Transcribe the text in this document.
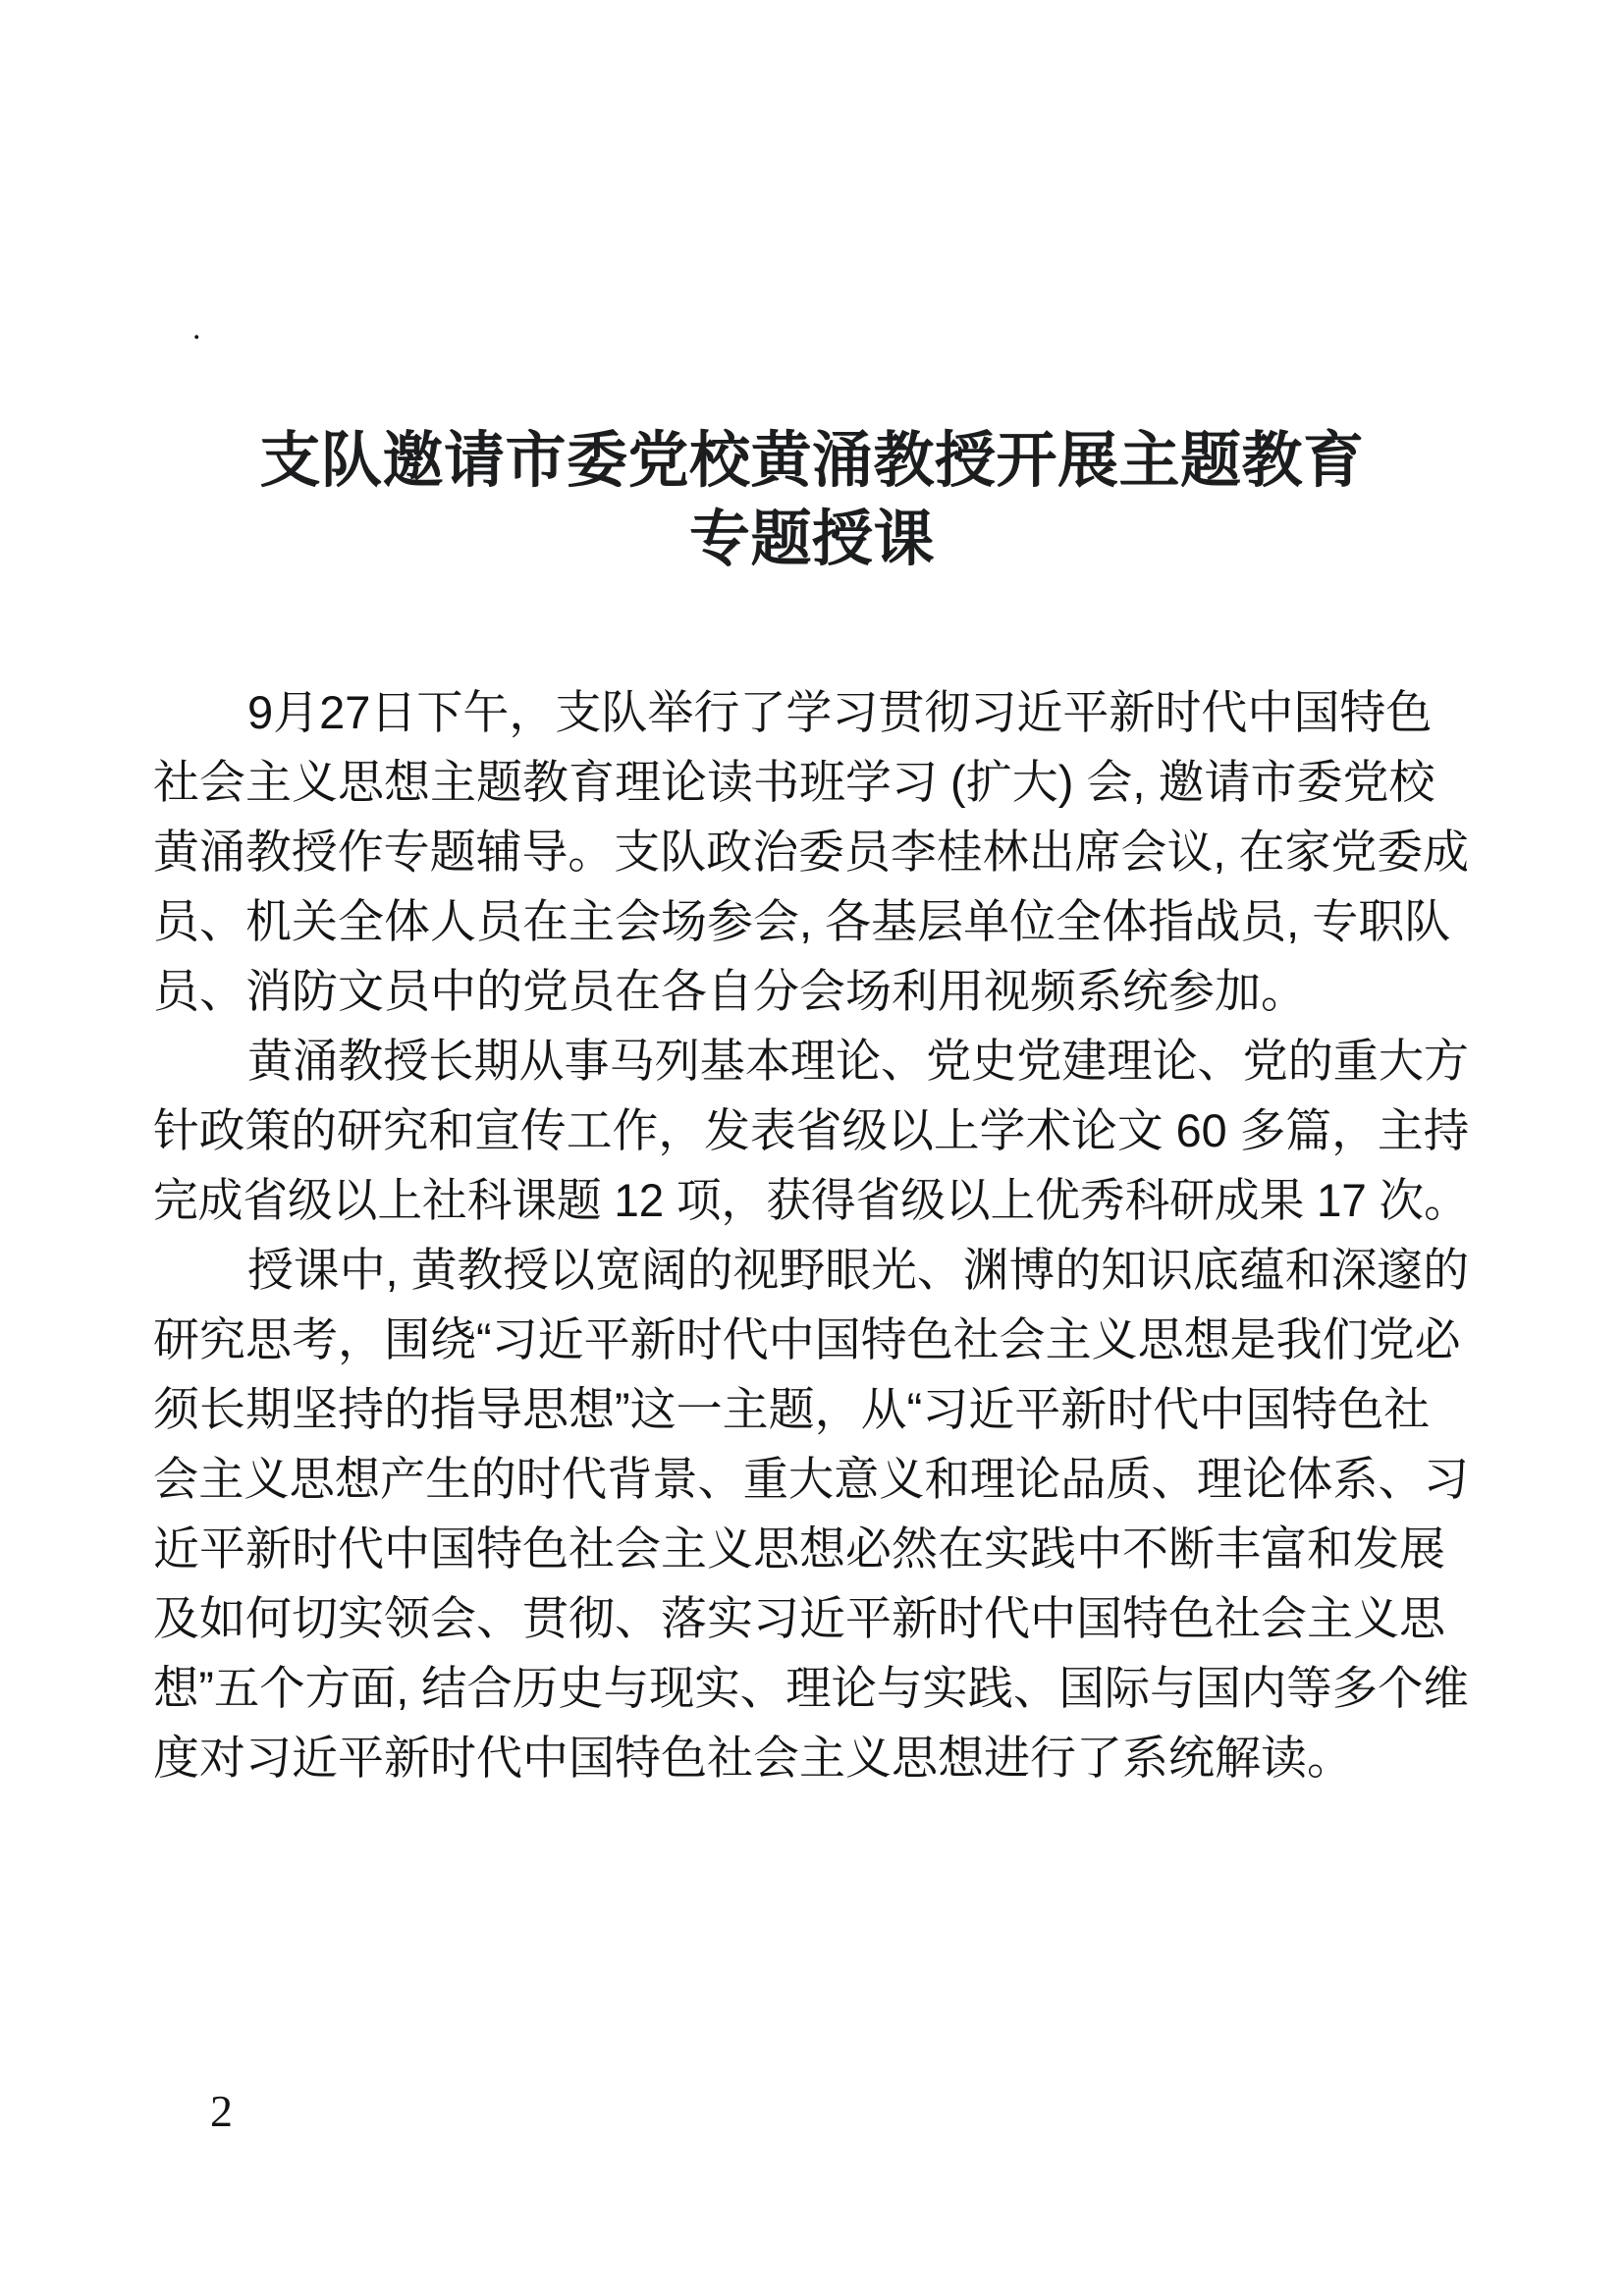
.
支队邀请市委党校黄涌教授开展主题教育
专题授课

9月27日下午，支队举行了学习贯彻习近平新时代中国特色
社会主义思想主题教育理论读书班学习 (扩大) 会, 邀请市委党校
黄涌教授作专题辅导。支队政治委员李桂林出席会议, 在家党委成
员、机关全体人员在主会场参会, 各基层单位全体指战员, 专职队
员、消防文员中的党员在各自分会场利用视频系统参加。

黄涌教授长期从事马列基本理论、党史党建理论、党的重大方
针政策的研究和宣传工作，发表省级以上学术论文 60 多篇，主持
完成省级以上社科课题 12 项，获得省级以上优秀科研成果 17 次。

授课中, 黄教授以宽阔的视野眼光、渊博的知识底蕴和深邃的
研究思考，围绕“习近平新时代中国特色社会主义思想是我们党必
须长期坚持的指导思想”这一主题，从“习近平新时代中国特色社
会主义思想产生的时代背景、重大意义和理论品质、理论体系、习
近平新时代中国特色社会主义思想必然在实践中不断丰富和发展
及如何切实领会、贯彻、落实习近平新时代中国特色社会主义思
想”五个方面, 结合历史与现实、理论与实践、国际与国内等多个维
度对习近平新时代中国特色社会主义思想进行了系统解读。

2
